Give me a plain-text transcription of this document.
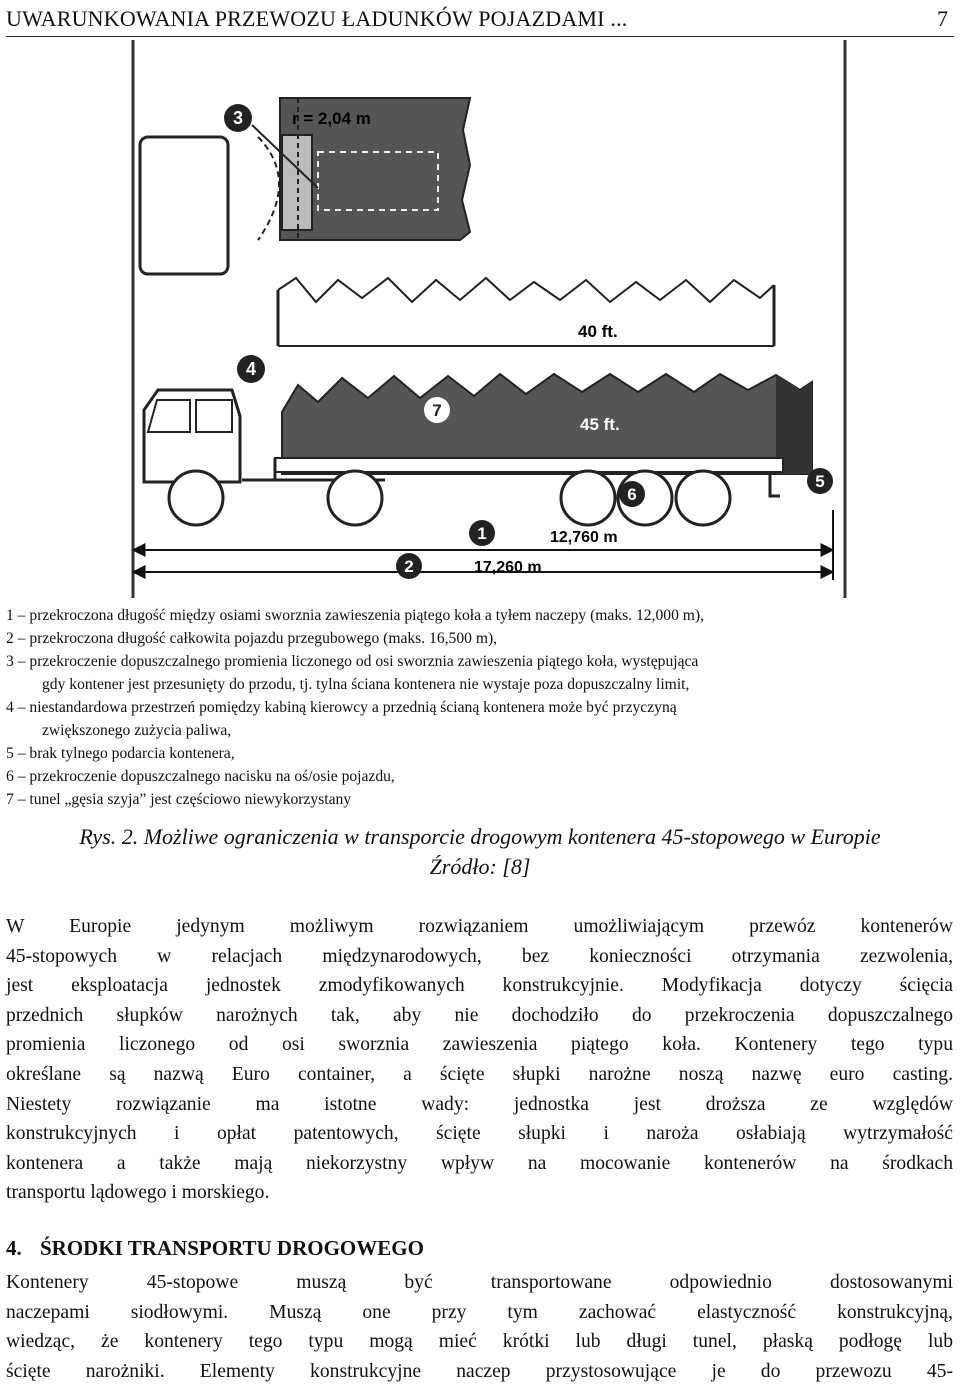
UWARUNKOWANIA PRZEWOZU ŁADUNKÓW POJAZDAMI ...	7
r = 2,04 m
40 ft.
45 ft.
12,760 m
17,260 m
1
2
3
4
5
6
7
1 – przekroczona długość między osiami sworznia zawieszenia piątego koła a tyłem naczepy (maks. 12,000 m),
2 – przekroczona długość całkowita pojazdu przegubowego (maks. 16,500 m),
3 – przekroczenie dopuszczalnego promienia liczonego od osi sworznia zawieszenia piątego koła, występująca
gdy kontener jest przesunięty do przodu, tj. tylna ściana kontenera nie wystaje poza dopuszczalny limit,
4 – niestandardowa przestrzeń pomiędzy kabiną kierowcy a przednią ścianą kontenera może być przyczyną
zwiększonego zużycia paliwa,
5 – brak tylnego podarcia kontenera,
6 – przekroczenie dopuszczalnego nacisku na oś/osie pojazdu,
7 – tunel „gęsia szyja” jest częściowo niewykorzystany
Rys. 2. Możliwe ograniczenia w transporcie drogowym kontenera 45-stopowego w Europie
Źródło: [8]
W Europie jedynym możliwym rozwiązaniem umożliwiającym przewóz kontenerów
45-stopowych w relacjach międzynarodowych, bez konieczności otrzymania zezwolenia,
jest eksploatacja jednostek zmodyfikowanych konstrukcyjnie. Modyfikacja dotyczy ścięcia
przednich słupków narożnych tak, aby nie dochodziło do przekroczenia dopuszczalnego
promienia liczonego od osi sworznia zawieszenia piątego koła. Kontenery tego typu
określane są nazwą Euro container, a ścięte słupki narożne noszą nazwę euro casting.
Niestety rozwiązanie ma istotne wady: jednostka jest droższa ze względów
konstrukcyjnych i opłat patentowych, ścięte słupki i naroża osłabiają wytrzymałość
kontenera a także mają niekorzystny wpływ na mocowanie kontenerów na środkach
transportu lądowego i morskiego.
4. ŚRODKI TRANSPORTU DROGOWEGO
Kontenery 45-stopowe muszą być transportowane odpowiednio dostosowanymi
naczepami siodłowymi. Muszą one przy tym zachować elastyczność konstrukcyjną,
wiedząc, że kontenery tego typu mogą mieć krótki lub długi tunel, płaską podłogę lub
ścięte narożniki. Elementy konstrukcyjne naczep przystosowujące je do przewozu 45-
